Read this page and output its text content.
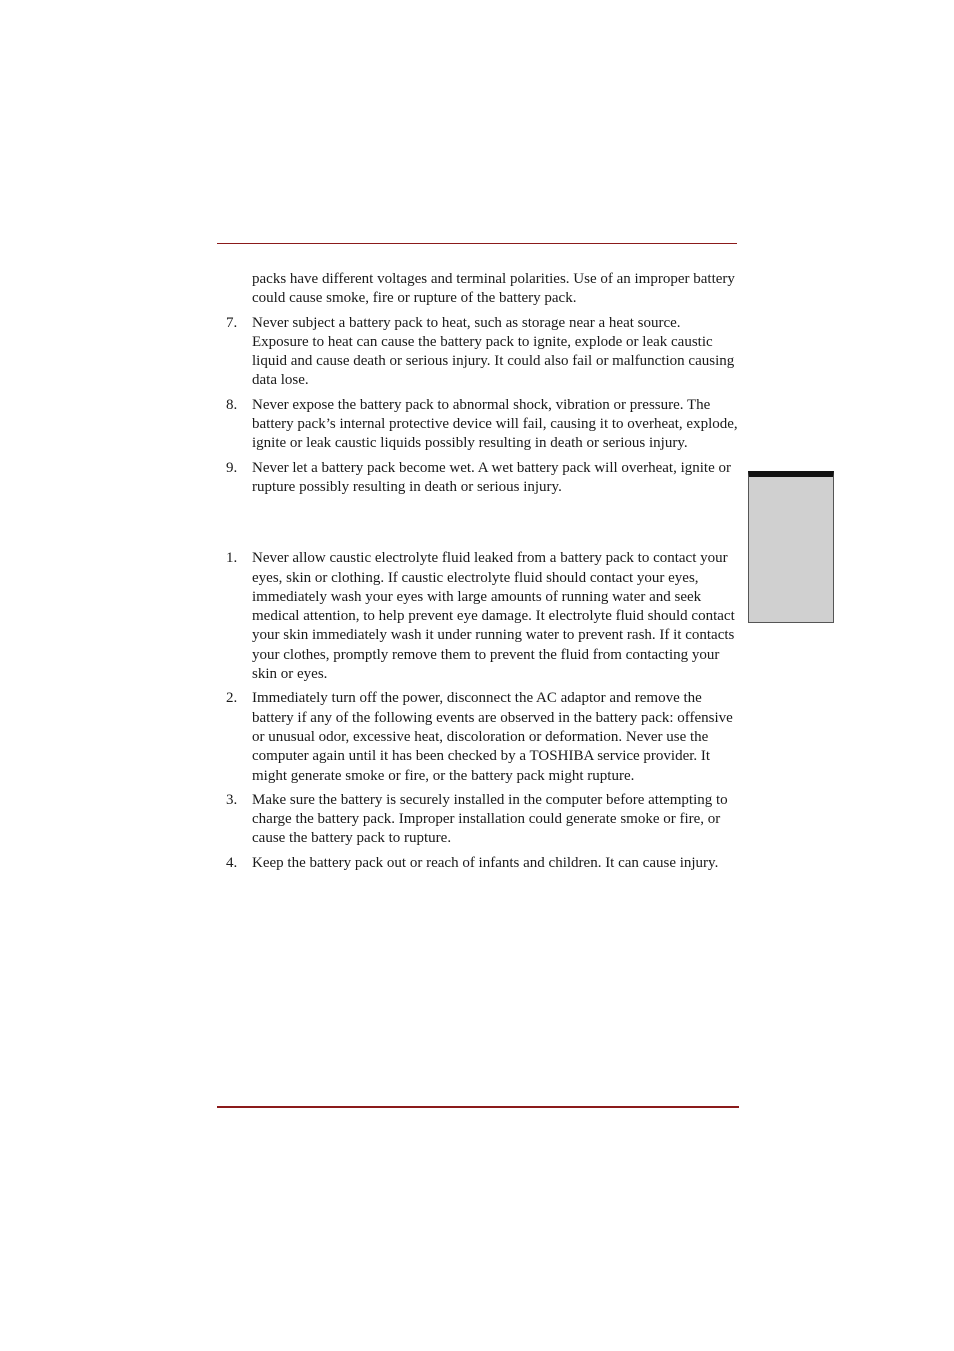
packs have different voltages and terminal polarities. Use of an improper battery could cause smoke, fire or rupture of the battery pack.

7. Never subject a battery pack to heat, such as storage near a heat source. Exposure to heat can cause the battery pack to ignite, explode or leak caustic liquid and cause death or serious injury. It could also fail or malfunction causing data lose.
8. Never expose the battery pack to abnormal shock, vibration or pressure. The battery pack’s internal protective device will fail, causing it to overheat, explode, ignite or leak caustic liquids possibly resulting in death or serious injury.
9. Never let a battery pack become wet. A wet battery pack will overheat, ignite or rupture possibly resulting in death or serious injury.
1. Never allow caustic electrolyte fluid leaked from a battery pack to contact your eyes, skin or clothing. If caustic electrolyte fluid should contact your eyes, immediately wash your eyes with large amounts of running water and seek medical attention, to help prevent eye damage. It electrolyte fluid should contact your skin immediately wash it under running water to prevent rash. If it contacts your clothes, promptly remove them to prevent the fluid from contacting your skin or eyes.
2. Immediately turn off the power, disconnect the AC adaptor and remove the battery if any of the following events are observed in the battery pack: offensive or unusual odor, excessive heat, discoloration or deformation. Never use the computer again until it has been checked by a TOSHIBA service provider. It might generate smoke or fire, or the battery pack might rupture.
3. Make sure the battery is securely installed in the computer before attempting to charge the battery pack. Improper installation could generate smoke or fire, or cause the battery pack to rupture.
4. Keep the battery pack out or reach of infants and children. It can cause injury.
